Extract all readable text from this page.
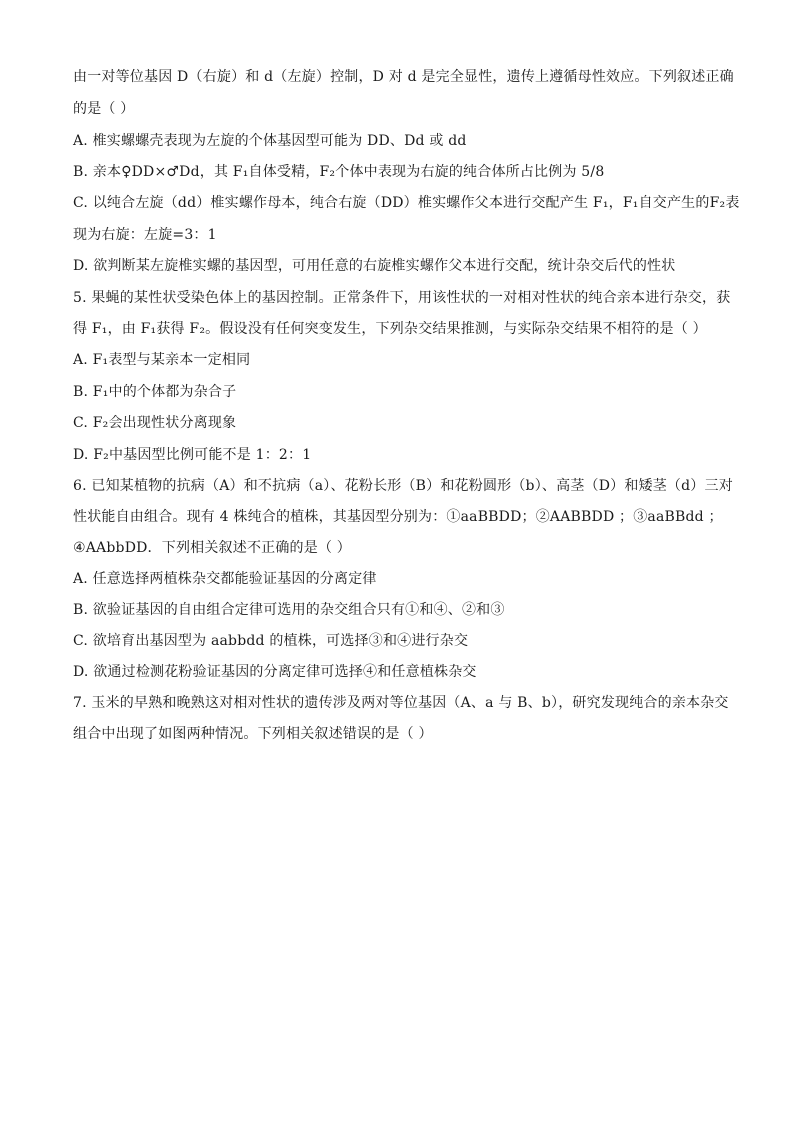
由一对等位基因 D（右旋）和 d（左旋）控制，D 对 d 是完全显性，遗传上遵循母性效应。下列叙述正确
的是（ ）
A. 椎实螺螺壳表现为左旋的个体基因型可能为 DD、Dd 或 dd
B. 亲本♀DD×♂Dd，其 F₁自体受精，F₂个体中表现为右旋的纯合体所占比例为 5/8
C. 以纯合左旋（dd）椎实螺作母本，纯合右旋（DD）椎实螺作父本进行交配产生 F₁，F₁自交产生的F₂表
现为右旋：左旋=3：1
D. 欲判断某左旋椎实螺的基因型，可用任意的右旋椎实螺作父本进行交配，统计杂交后代的性状
5. 果蝇的某性状受染色体上的基因控制。正常条件下，用该性状的一对相对性状的纯合亲本进行杂交，获
得 F₁，由 F₁获得 F₂。假设没有任何突变发生，下列杂交结果推测，与实际杂交结果不相符的是（ ）
A. F₁表型与某亲本一定相同
B. F₁中的个体都为杂合子
C. F₂会出现性状分离现象
D. F₂中基因型比例可能不是 1：2：1
6. 已知某植物的抗病（A）和不抗病（a）、花粉长形（B）和花粉圆形（b）、高茎（D）和矮茎（d）三对
性状能自由组合。现有 4 株纯合的植株，其基因型分别为：①aaBBDD；②AABBDD ；③aaBBdd ；
④AAbbDD．下列相关叙述不正确的是（ ）
A. 任意选择两植株杂交都能验证基因的分离定律
B. 欲验证基因的自由组合定律可选用的杂交组合只有①和④、②和③
C. 欲培育出基因型为 aabbdd 的植株，可选择③和④进行杂交
D. 欲通过检测花粉验证基因的分离定律可选择④和任意植株杂交
7. 玉米的早熟和晚熟这对相对性状的遗传涉及两对等位基因（A、a 与 B、b），研究发现纯合的亲本杂交
组合中出现了如图两种情况。下列相关叙述错误的是（ ）
